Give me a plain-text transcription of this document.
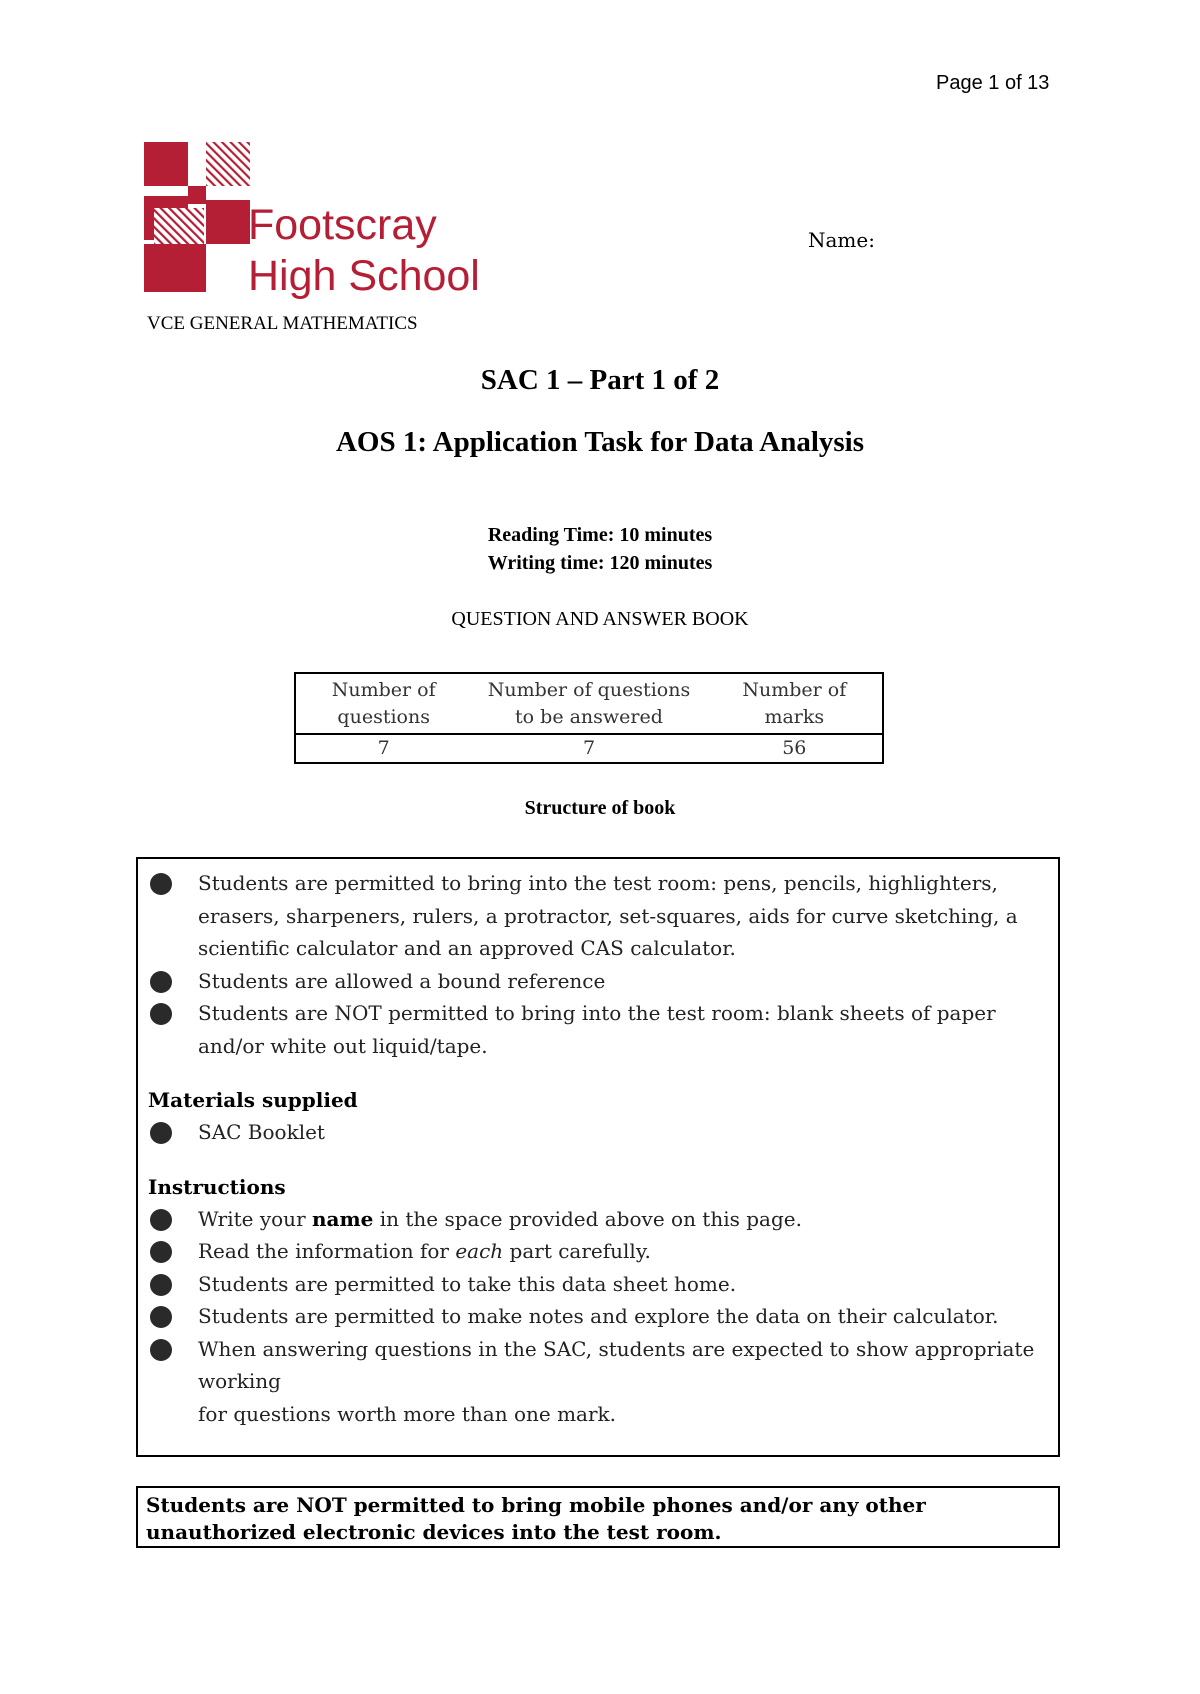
Page 1 of 13
Footscray
High School
Name:
VCE GENERAL MATHEMATICS
SAC 1 – Part 1 of 2
AOS 1: Application Task for Data Analysis
Reading Time: 10 minutes
Writing time: 120 minutes
QUESTION AND ANSWER BOOK
Number of questions	Number of questions to be answered	Number of marks
7	7	56
Structure of book
Students are permitted to bring into the test room: pens, pencils, highlighters, erasers, sharpeners, rulers, a protractor, set-squares, aids for curve sketching, a scientific calculator and an approved CAS calculator.
Students are allowed a bound reference
Students are NOT permitted to bring into the test room: blank sheets of paper and/or white out liquid/tape.
Materials supplied
SAC Booklet
Instructions
Write your name in the space provided above on this page.
Read the information for each part carefully.
Students are permitted to take this data sheet home.
Students are permitted to make notes and explore the data on their calculator.
When answering questions in the SAC, students are expected to show appropriate working
for questions worth more than one mark.
Students are NOT permitted to bring mobile phones and/or any other unauthorized electronic devices into the test room.
